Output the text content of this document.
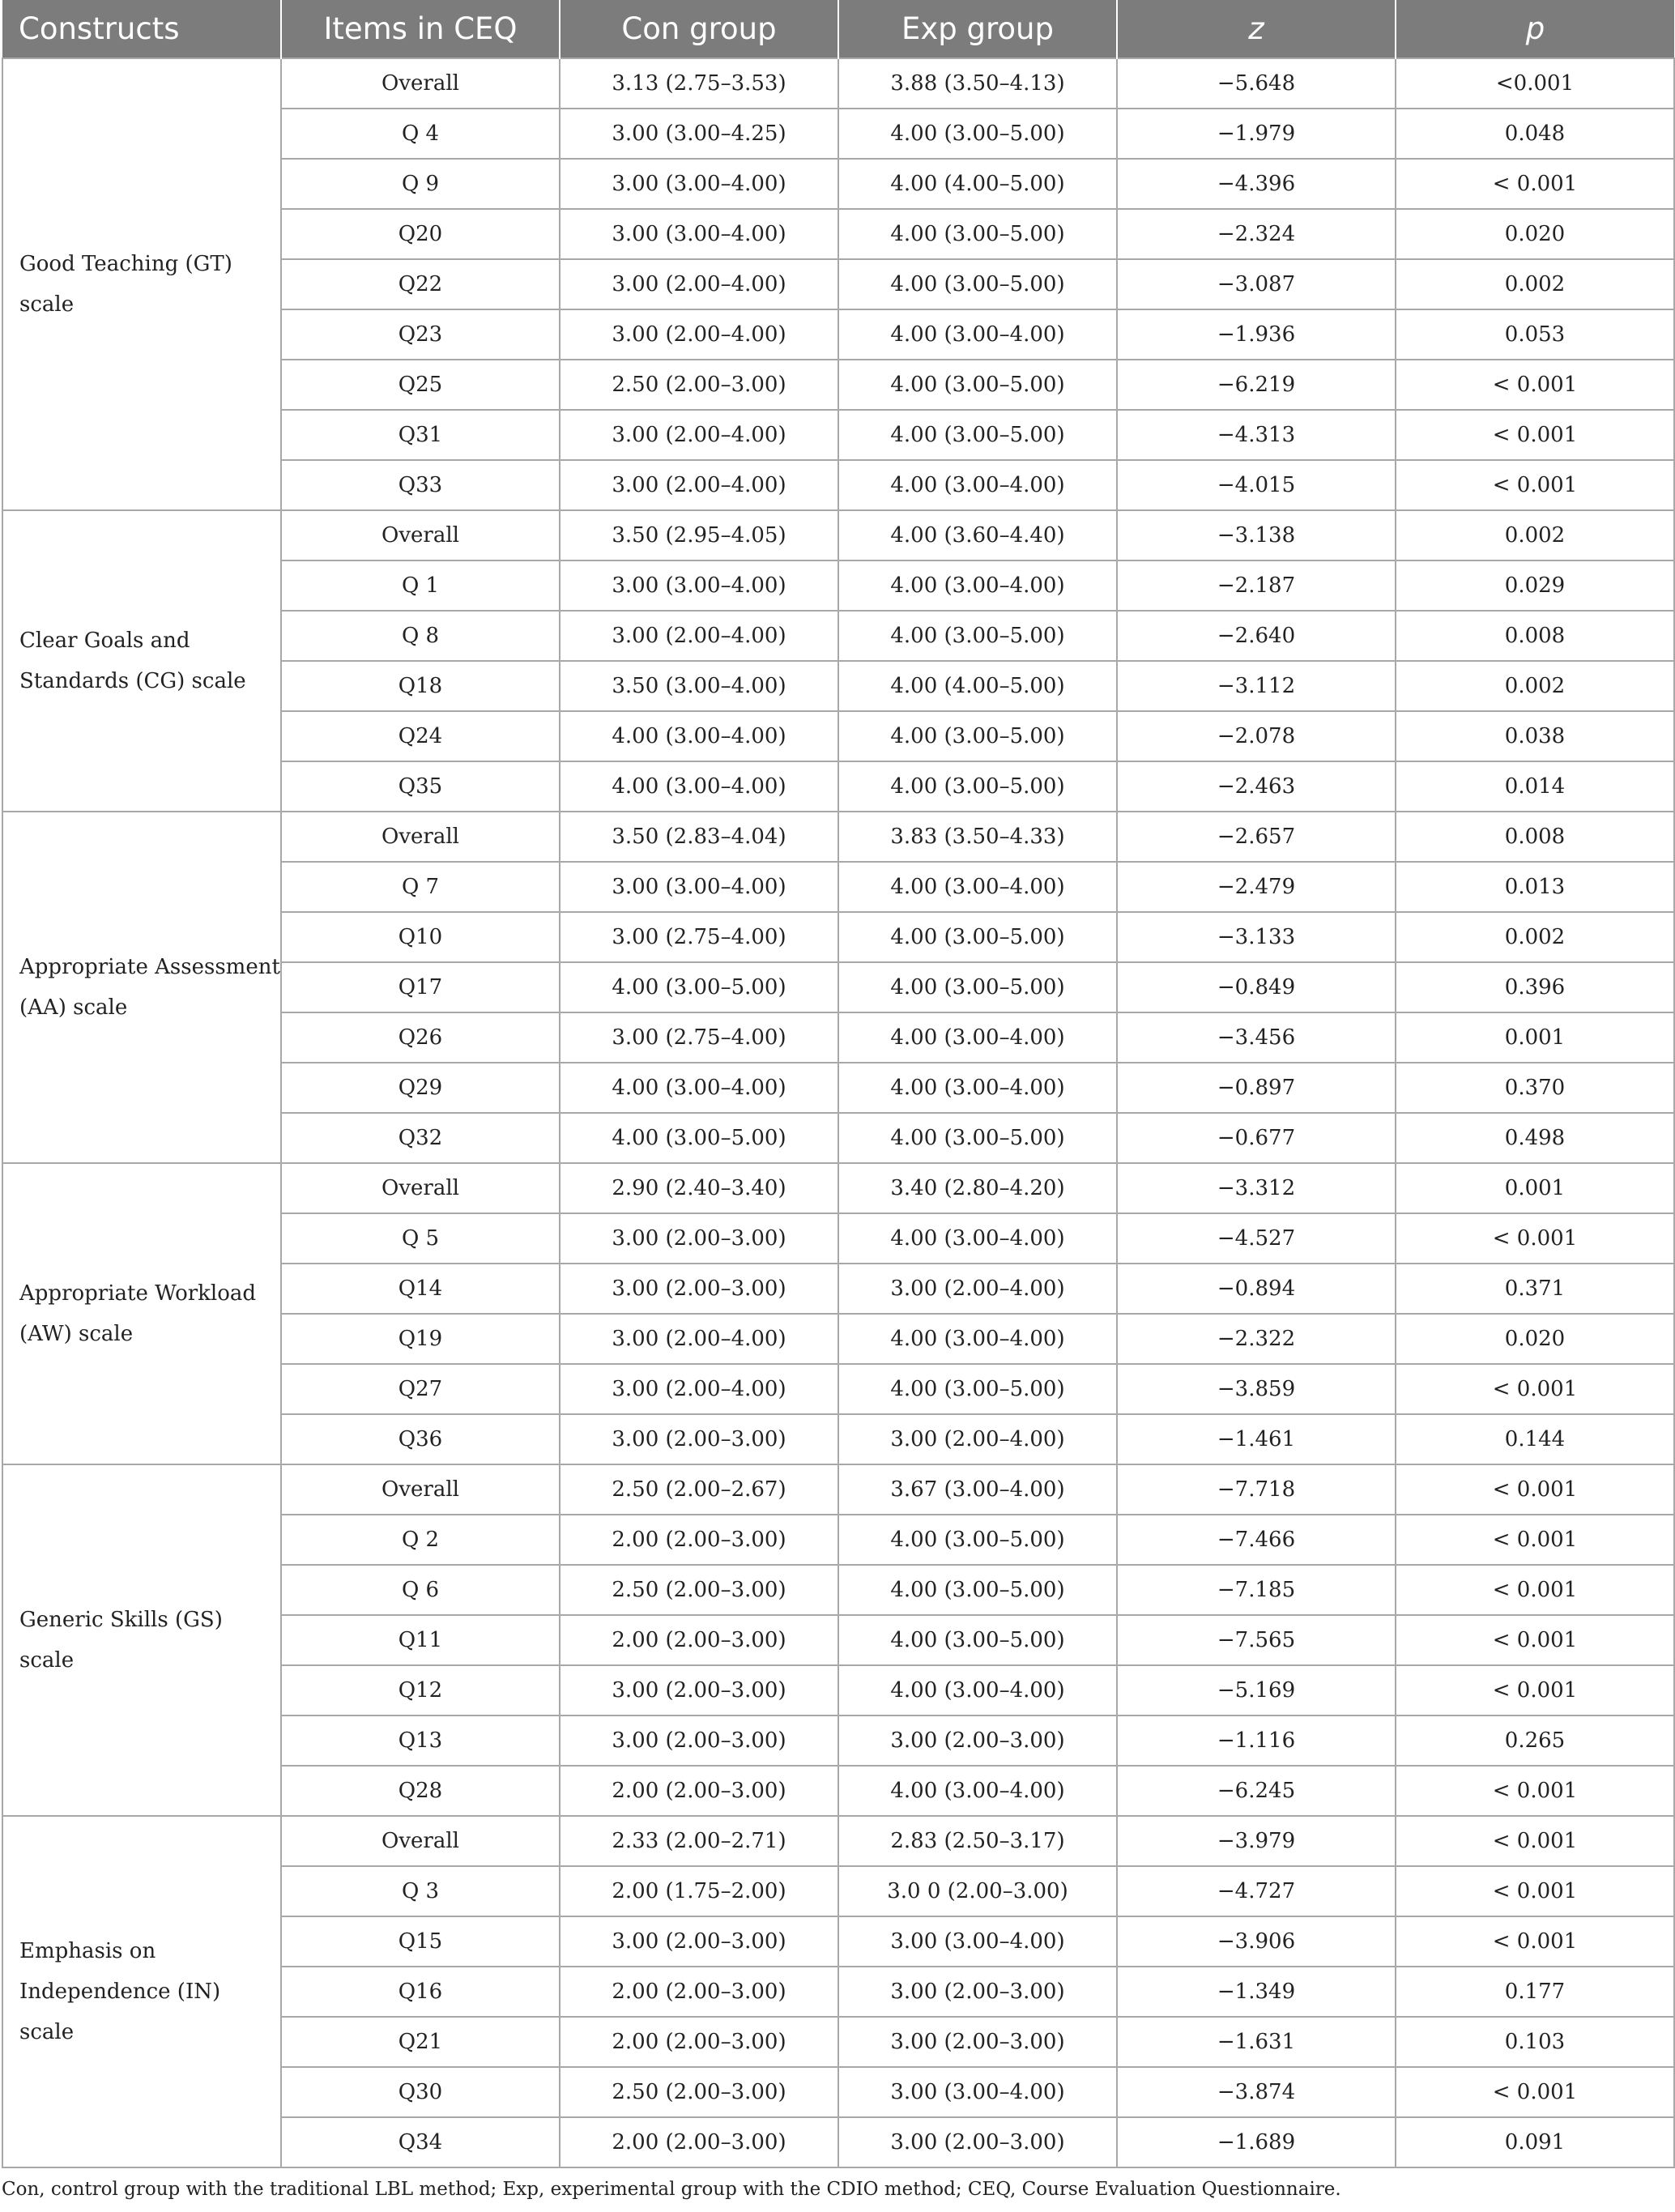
Constructs	Items in CEQ	Con group	Exp group	z	p
Good Teaching (GT) scale	Overall	3.13 (2.75–3.53)	3.88 (3.50–4.13)	−5.648	<0.001
	Q 4	3.00 (3.00–4.25)	4.00 (3.00–5.00)	−1.979	0.048
	Q 9	3.00 (3.00–4.00)	4.00 (4.00–5.00)	−4.396	< 0.001
	Q20	3.00 (3.00–4.00)	4.00 (3.00–5.00)	−2.324	0.020
	Q22	3.00 (2.00–4.00)	4.00 (3.00–5.00)	−3.087	0.002
	Q23	3.00 (2.00–4.00)	4.00 (3.00–4.00)	−1.936	0.053
	Q25	2.50 (2.00–3.00)	4.00 (3.00–5.00)	−6.219	< 0.001
	Q31	3.00 (2.00–4.00)	4.00 (3.00–5.00)	−4.313	< 0.001
	Q33	3.00 (2.00–4.00)	4.00 (3.00–4.00)	−4.015	< 0.001
Clear Goals and Standards (CG) scale	Overall	3.50 (2.95–4.05)	4.00 (3.60–4.40)	−3.138	0.002
	Q 1	3.00 (3.00–4.00)	4.00 (3.00–4.00)	−2.187	0.029
	Q 8	3.00 (2.00–4.00)	4.00 (3.00–5.00)	−2.640	0.008
	Q18	3.50 (3.00–4.00)	4.00 (4.00–5.00)	−3.112	0.002
	Q24	4.00 (3.00–4.00)	4.00 (3.00–5.00)	−2.078	0.038
	Q35	4.00 (3.00–4.00)	4.00 (3.00–5.00)	−2.463	0.014
Appropriate Assessment (AA) scale	Overall	3.50 (2.83–4.04)	3.83 (3.50–4.33)	−2.657	0.008
	Q 7	3.00 (3.00–4.00)	4.00 (3.00–4.00)	−2.479	0.013
	Q10	3.00 (2.75–4.00)	4.00 (3.00–5.00)	−3.133	0.002
	Q17	4.00 (3.00–5.00)	4.00 (3.00–5.00)	−0.849	0.396
	Q26	3.00 (2.75–4.00)	4.00 (3.00–4.00)	−3.456	0.001
	Q29	4.00 (3.00–4.00)	4.00 (3.00–4.00)	−0.897	0.370
	Q32	4.00 (3.00–5.00)	4.00 (3.00–5.00)	−0.677	0.498
Appropriate Workload (AW) scale	Overall	2.90 (2.40–3.40)	3.40 (2.80–4.20)	−3.312	0.001
	Q 5	3.00 (2.00–3.00)	4.00 (3.00–4.00)	−4.527	< 0.001
	Q14	3.00 (2.00–3.00)	3.00 (2.00–4.00)	−0.894	0.371
	Q19	3.00 (2.00–4.00)	4.00 (3.00–4.00)	−2.322	0.020
	Q27	3.00 (2.00–4.00)	4.00 (3.00–5.00)	−3.859	< 0.001
	Q36	3.00 (2.00–3.00)	3.00 (2.00–4.00)	−1.461	0.144
Generic Skills (GS) scale	Overall	2.50 (2.00–2.67)	3.67 (3.00–4.00)	−7.718	< 0.001
	Q 2	2.00 (2.00–3.00)	4.00 (3.00–5.00)	−7.466	< 0.001
	Q 6	2.50 (2.00–3.00)	4.00 (3.00–5.00)	−7.185	< 0.001
	Q11	2.00 (2.00–3.00)	4.00 (3.00–5.00)	−7.565	< 0.001
	Q12	3.00 (2.00–3.00)	4.00 (3.00–4.00)	−5.169	< 0.001
	Q13	3.00 (2.00–3.00)	3.00 (2.00–3.00)	−1.116	0.265
	Q28	2.00 (2.00–3.00)	4.00 (3.00–4.00)	−6.245	< 0.001
Emphasis on Independence (IN) scale	Overall	2.33 (2.00–2.71)	2.83 (2.50–3.17)	−3.979	< 0.001
	Q 3	2.00 (1.75–2.00)	3.0 0 (2.00–3.00)	−4.727	< 0.001
	Q15	3.00 (2.00–3.00)	3.00 (3.00–4.00)	−3.906	< 0.001
	Q16	2.00 (2.00–3.00)	3.00 (2.00–3.00)	−1.349	0.177
	Q21	2.00 (2.00–3.00)	3.00 (2.00–3.00)	−1.631	0.103
	Q30	2.50 (2.00–3.00)	3.00 (3.00–4.00)	−3.874	< 0.001
	Q34	2.00 (2.00–3.00)	3.00 (2.00–3.00)	−1.689	0.091
Con, control group with the traditional LBL method; Exp, experimental group with the CDIO method; CEQ, Course Evaluation Questionnaire.
